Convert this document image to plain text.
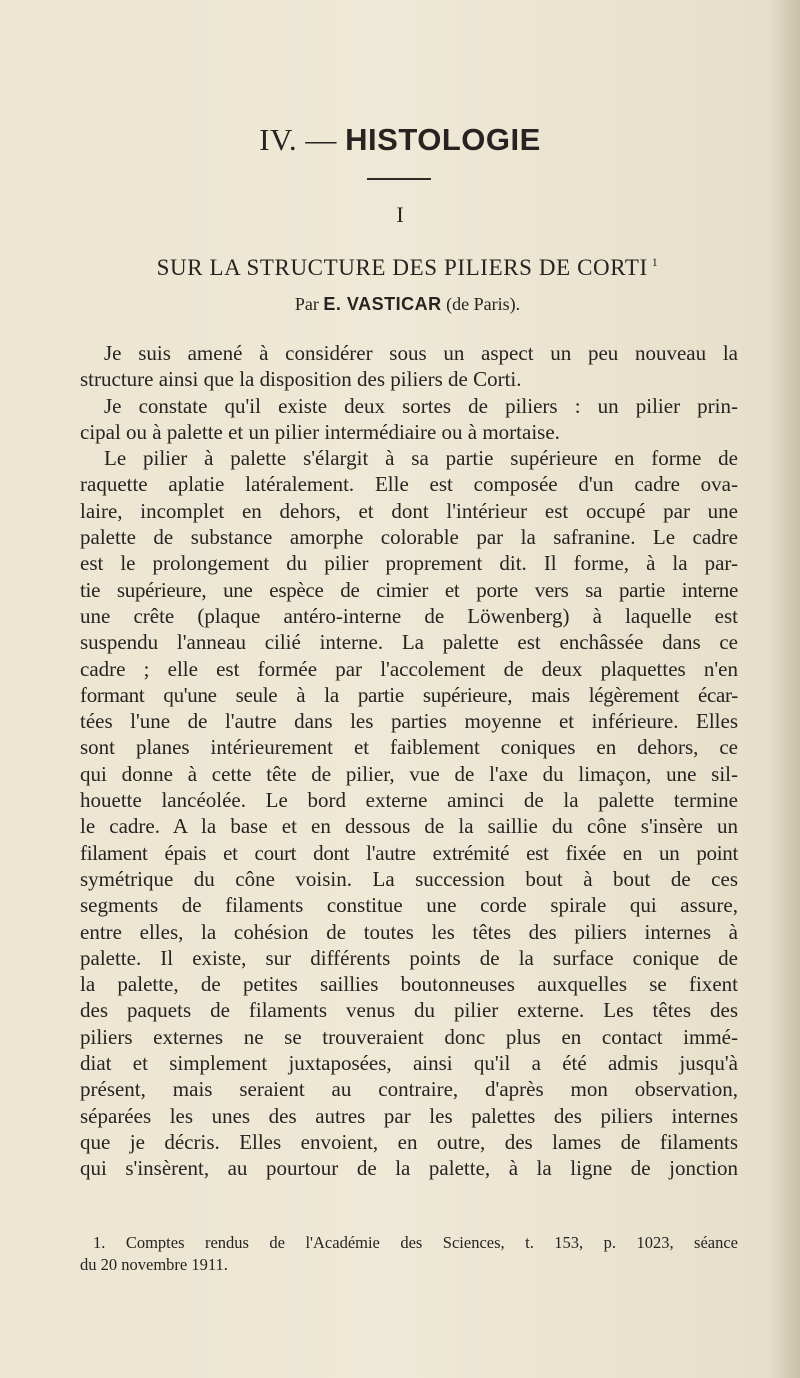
IV. — HISTOLOGIE
I
SUR LA STRUCTURE DES PILIERS DE CORTI $^1$
Par E. VASTICAR (de Paris).
Je suis amené à considérer sous un aspect un peu nouveau la
structure ainsi que la disposition des piliers de Corti.
Je constate qu'il existe deux sortes de piliers : un pilier prin-
cipal ou à palette et un pilier intermédiaire ou à mortaise.
Le pilier à palette s'élargit à sa partie supérieure en forme de
raquette aplatie latéralement. Elle est composée d'un cadre ova-
laire, incomplet en dehors, et dont l'intérieur est occupé par une
palette de substance amorphe colorable par la safranine. Le cadre
est le prolongement du pilier proprement dit. Il forme, à la par-
tie supérieure, une espèce de cimier et porte vers sa partie interne
une crête (plaque antéro-interne de Löwenberg) à laquelle est
suspendu l'anneau cilié interne. La palette est enchâssée dans ce
cadre ; elle est formée par l'accolement de deux plaquettes n'en
formant qu'une seule à la partie supérieure, mais légèrement écar-
tées l'une de l'autre dans les parties moyenne et inférieure. Elles
sont planes intérieurement et faiblement coniques en dehors, ce
qui donne à cette tête de pilier, vue de l'axe du limaçon, une sil-
houette lancéolée. Le bord externe aminci de la palette termine
le cadre. A la base et en dessous de la saillie du cône s'insère un
filament épais et court dont l'autre extrémité est fixée en un point
symétrique du cône voisin. La succession bout à bout de ces
segments de filaments constitue une corde spirale qui assure,
entre elles, la cohésion de toutes les têtes des piliers internes à
palette. Il existe, sur différents points de la surface conique de
la palette, de petites saillies boutonneuses auxquelles se fixent
des paquets de filaments venus du pilier externe. Les têtes des
piliers externes ne se trouveraient donc plus en contact immé-
diat et simplement juxtaposées, ainsi qu'il a été admis jusqu'à
présent, mais seraient au contraire, d'après mon observation,
séparées les unes des autres par les palettes des piliers internes
que je décris. Elles envoient, en outre, des lames de filaments
qui s'insèrent, au pourtour de la palette, à la ligne de jonction
1. Comptes rendus de l'Académie des Sciences, t. 153, p. 1023, séance
du 20 novembre 1911.
